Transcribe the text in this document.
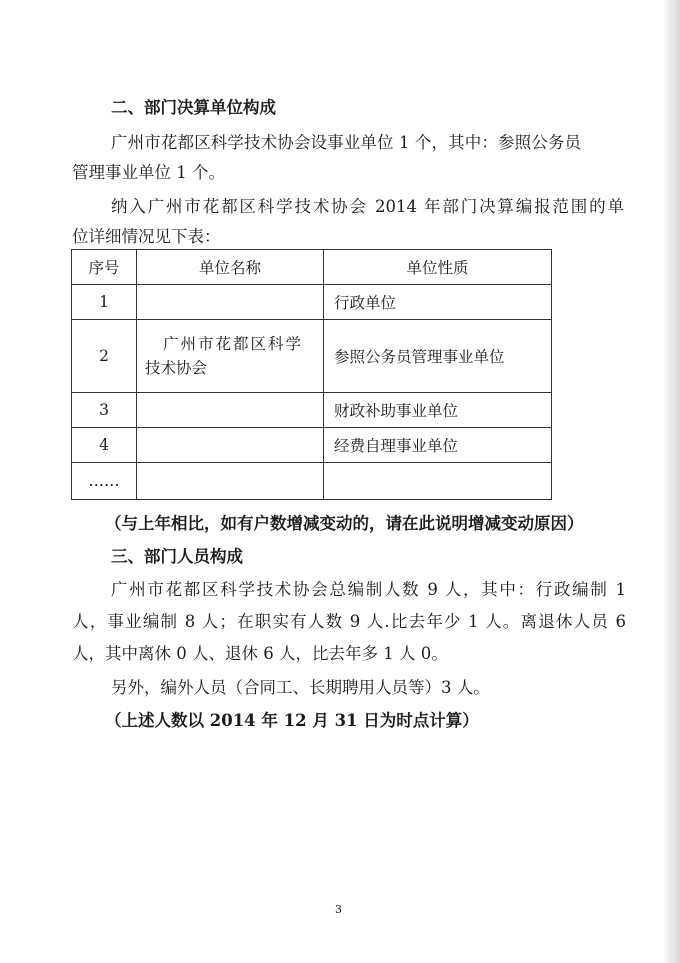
二、部门决算单位构成
广州市花都区科学技术协会设事业单位 1 个，其中：参照公务员
管理事业单位 1 个。
纳入广州市花都区科学技术协会 2014 年部门决算编报范围的单
位详细情况见下表：
序号	单位名称	单位性质
1		行政单位
2	广州市花都区科学
技术协会	参照公务员管理事业单位
3		财政补助事业单位
4		经费自理事业单位
……		
（与上年相比，如有户数增减变动的，请在此说明增减变动原因）
三、部门人员构成
广州市花都区科学技术协会总编制人数 9 人，其中：行政编制 1
人，事业编制 8 人；在职实有人数 9 人.比去年少 1 人。离退休人员 6
人，其中离休 0 人、退休 6 人，比去年多 1 人 0。
另外，编外人员（合同工、长期聘用人员等）3 人。
（上述人数以 2014 年 12 月 31 日为时点计算）
3
